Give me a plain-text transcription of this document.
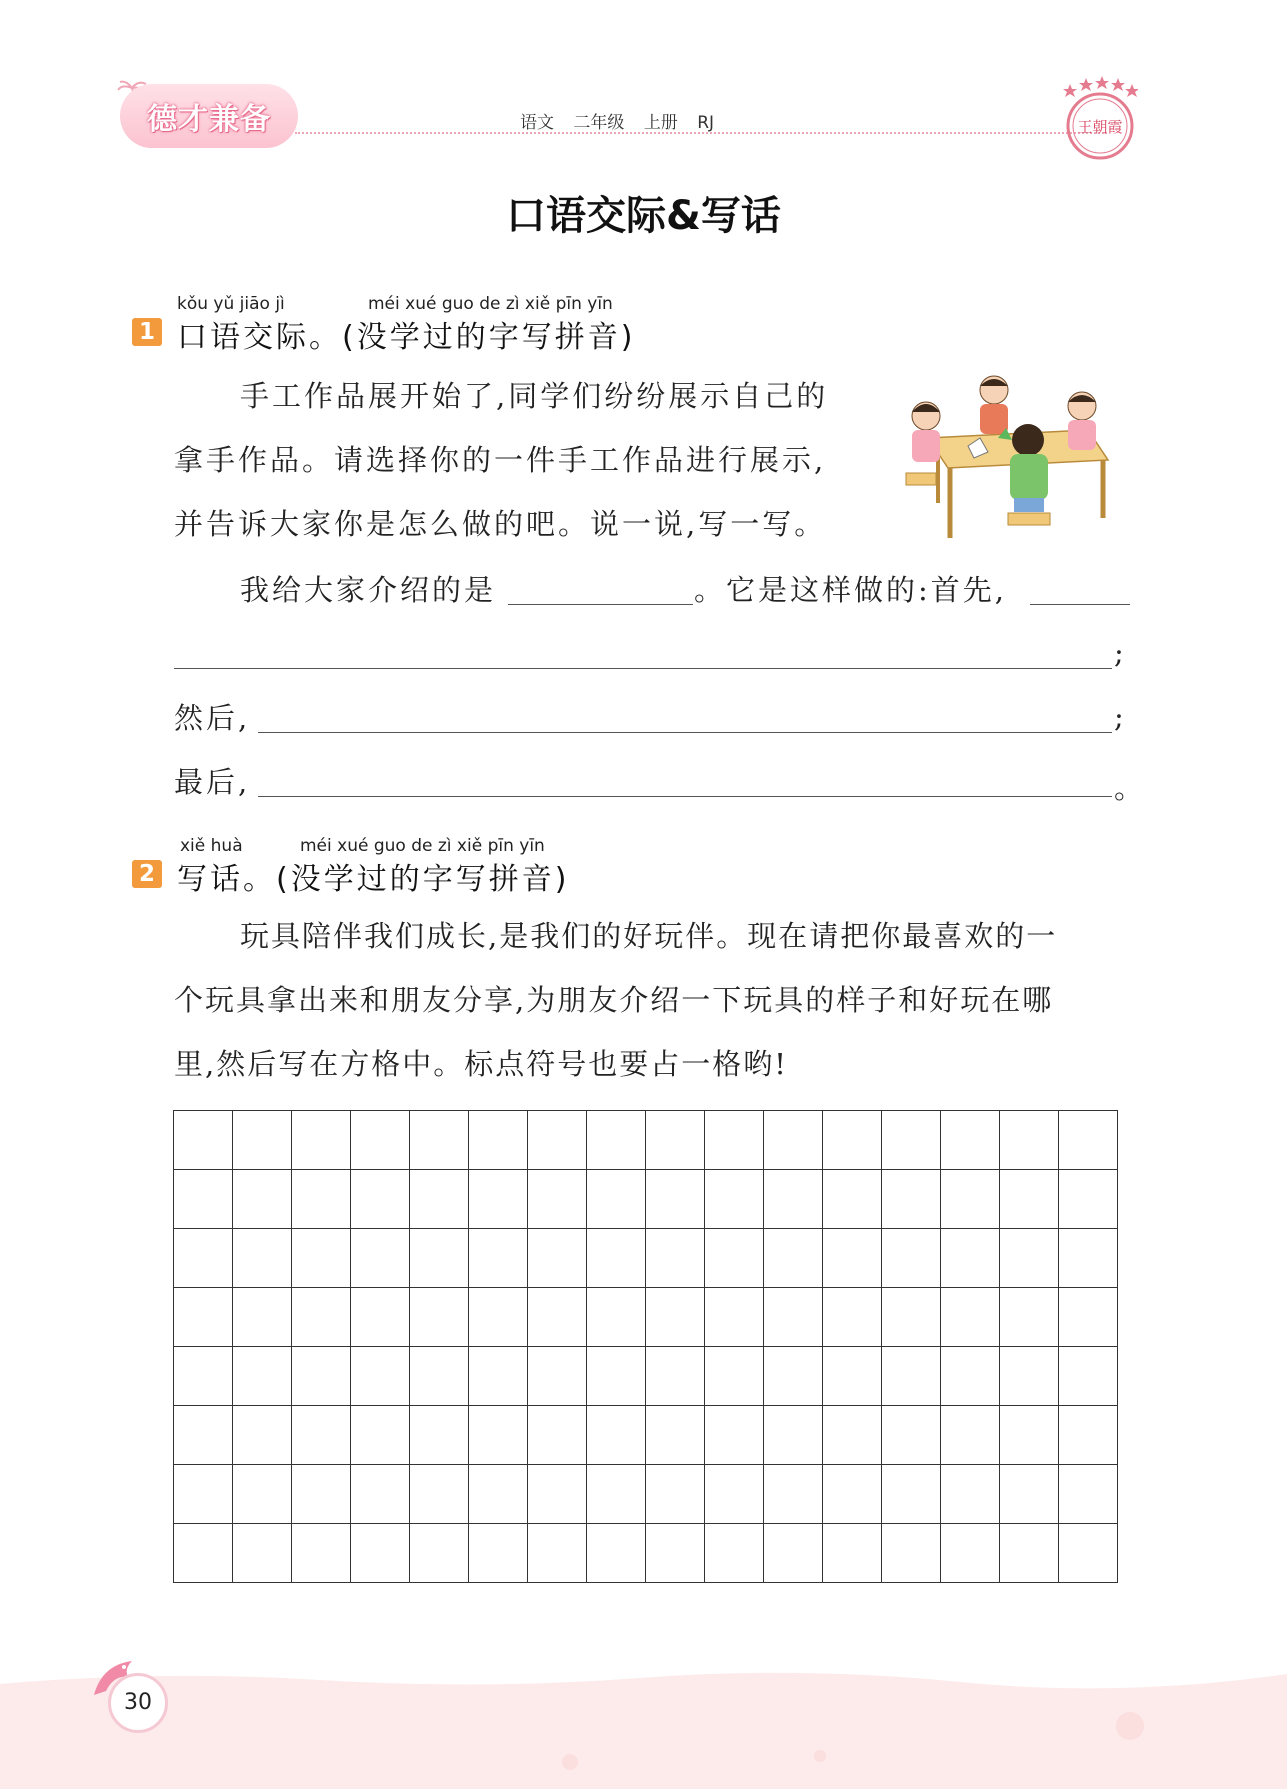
德才兼备	语文 二年级 上册 RJ	王朝霞
口语交际&写话
kǒu yǔ jiāo jì	méi xué guo de zì xiě pīn yīn
1 口语交际。(没学过的字写拼音)
手工作品展开始了,同学们纷纷展示自己的
拿手作品。请选择你的一件手工作品进行展示,
并告诉大家你是怎么做的吧。说一说,写一写。
我给大家介绍的是	。它是这样做的:首先,
;
然后,	;
最后,	。
xiě huà	méi xué guo de zì xiě pīn yīn
2 写话。(没学过的字写拼音)
玩具陪伴我们成长,是我们的好玩伴。现在请把你最喜欢的一
个玩具拿出来和朋友分享,为朋友介绍一下玩具的样子和好玩在哪
里,然后写在方格中。标点符号也要占一格哟!
30
